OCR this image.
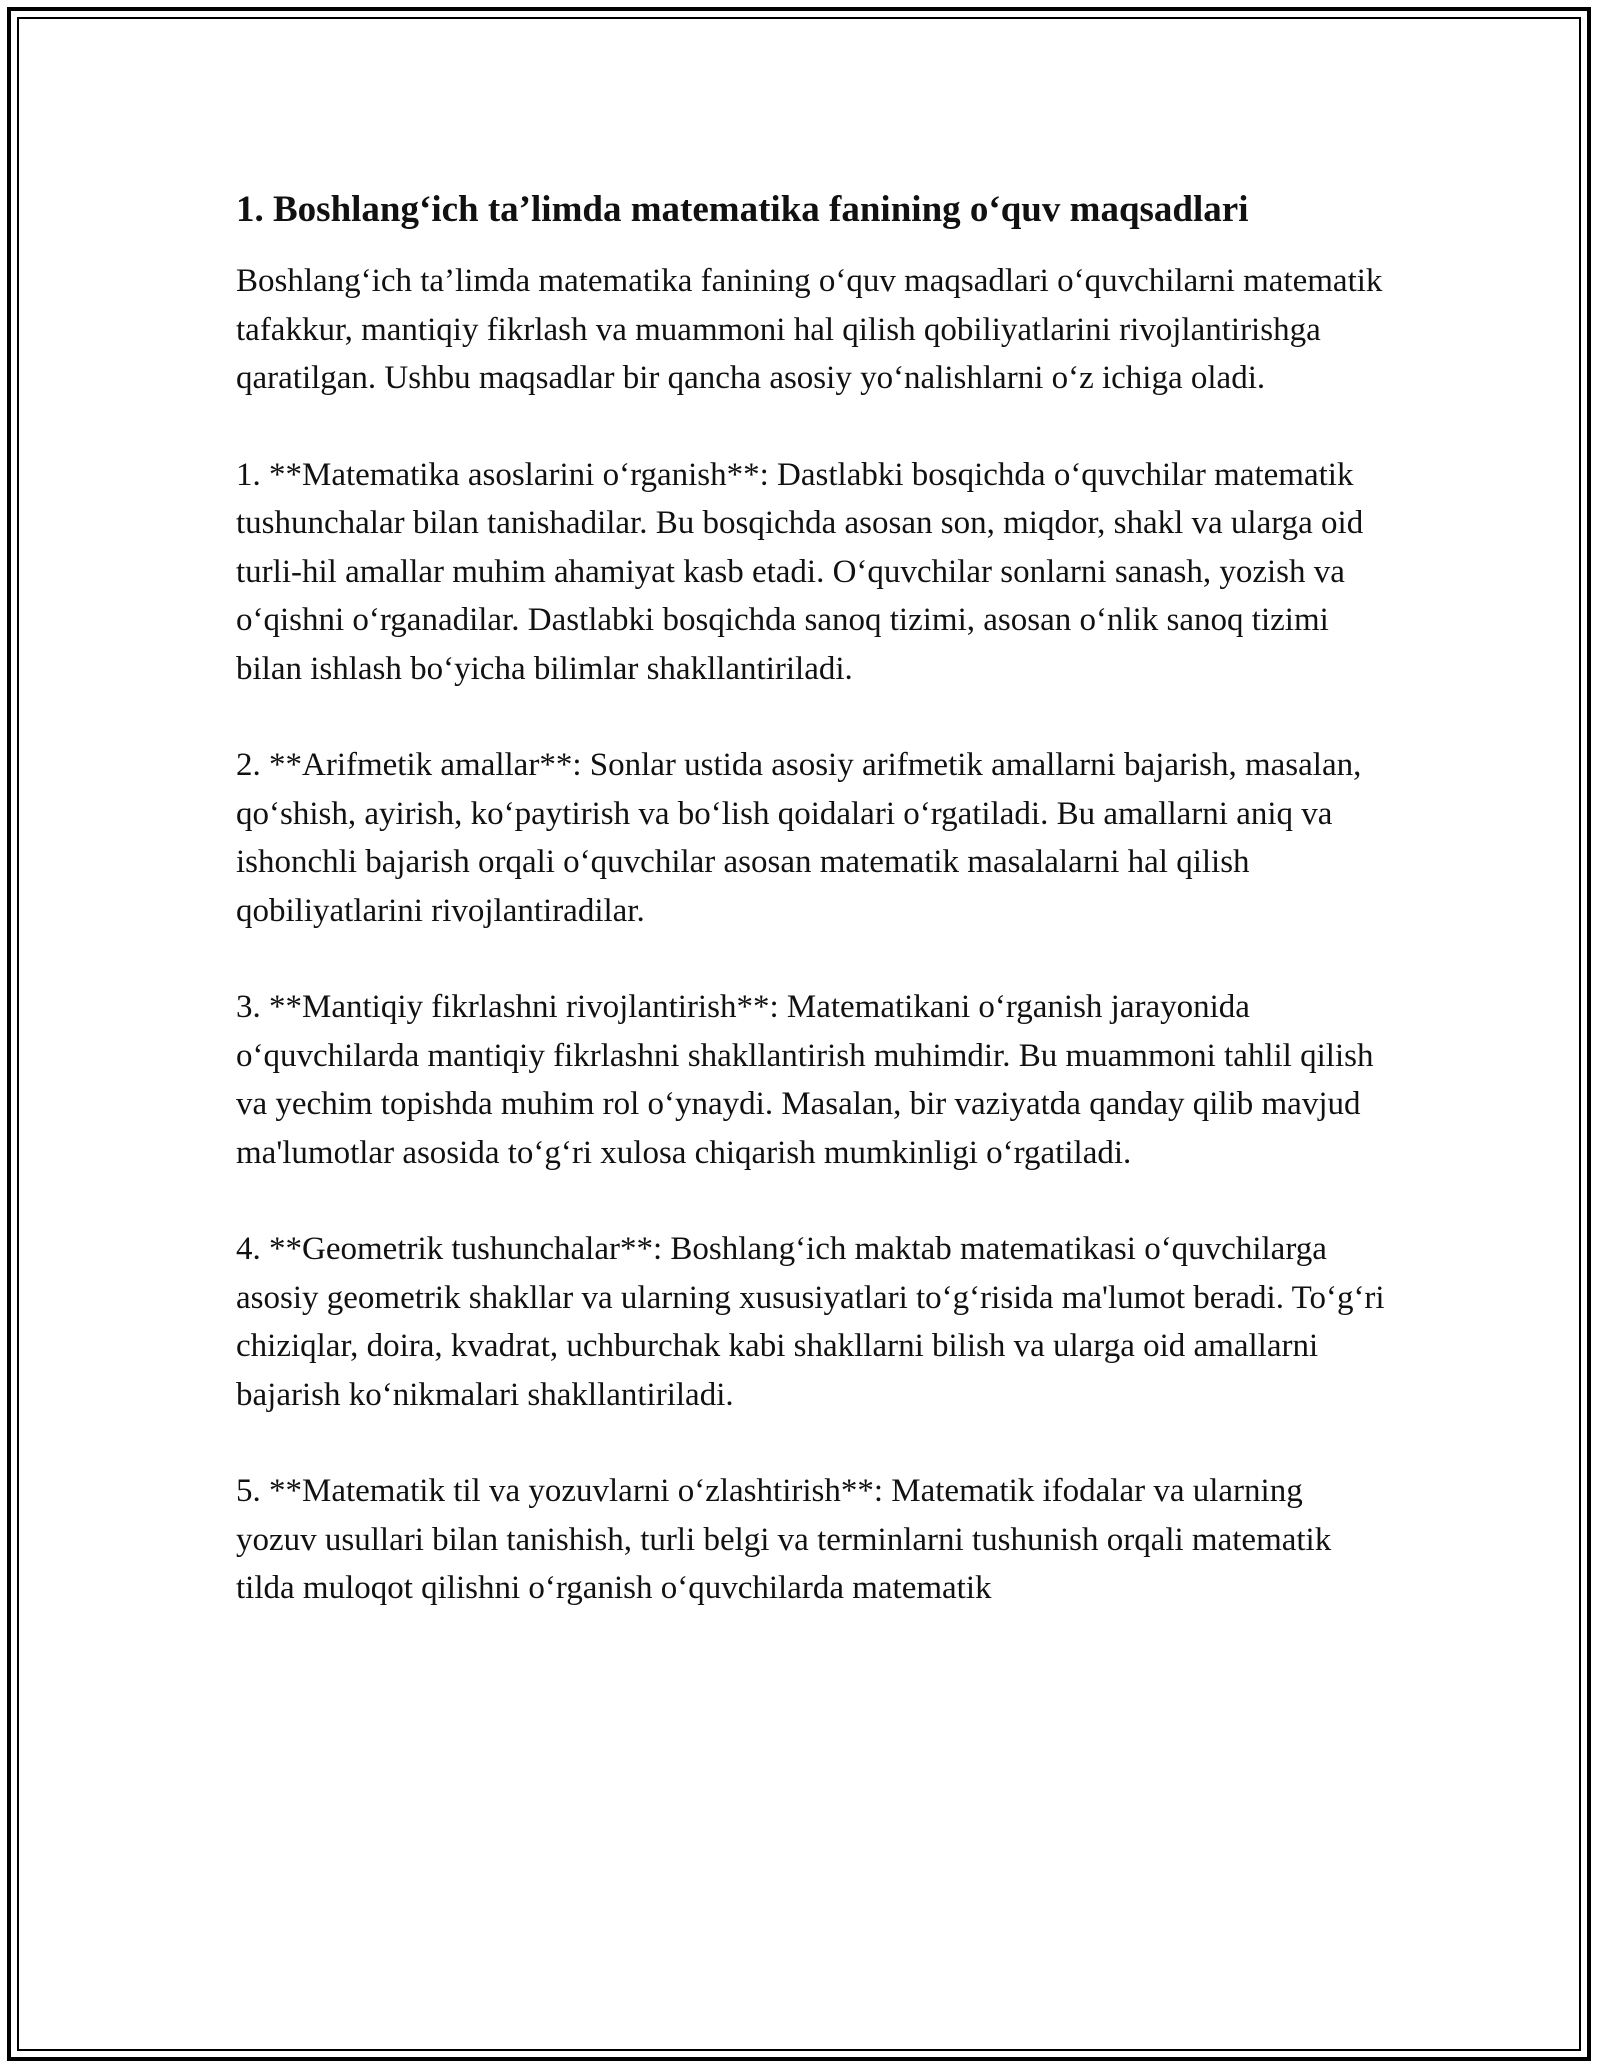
1. Boshlang‘ich ta’limda matematika fanining o‘quv maqsadlari

Boshlang‘ich ta’limda matematika fanining o‘quv maqsadlari o‘quvchilarni matematik tafakkur, mantiqiy fikrlash va muammoni hal qilish qobiliyatlarini rivojlantirishga qaratilgan. Ushbu maqsadlar bir qancha asosiy yo‘nalishlarni o‘z ichiga oladi.

1. **Matematika asoslarini o‘rganish**: Dastlabki bosqichda o‘quvchilar matematik tushunchalar bilan tanishadilar. Bu bosqichda asosan son, miqdor, shakl va ularga oid turli-hil amallar muhim ahamiyat kasb etadi. O‘quvchilar sonlarni sanash, yozish va o‘qishni o‘rganadilar. Dastlabki bosqichda sanoq tizimi, asosan o‘nlik sanoq tizimi bilan ishlash bo‘yicha bilimlar shakllantiriladi.

2. **Arifmetik amallar**: Sonlar ustida asosiy arifmetik amallarni bajarish, masalan, qo‘shish, ayirish, ko‘paytirish va bo‘lish qoidalari o‘rgatiladi. Bu amallarni aniq va ishonchli bajarish orqali o‘quvchilar asosan matematik masalalarni hal qilish qobiliyatlarini rivojlantiradilar.

3. **Mantiqiy fikrlashni rivojlantirish**: Matematikani o‘rganish jarayonida o‘quvchilarda mantiqiy fikrlashni shakllantirish muhimdir. Bu muammoni tahlil qilish va yechim topishda muhim rol o‘ynaydi. Masalan, bir vaziyatda qanday qilib mavjud ma'lumotlar asosida to‘g‘ri xulosa chiqarish mumkinligi o‘rgatiladi.

4. **Geometrik tushunchalar**: Boshlang‘ich maktab matematikasi o‘quvchilarga asosiy geometrik shakllar va ularning xususiyatlari to‘g‘risida ma'lumot beradi. To‘g‘ri chiziqlar, doira, kvadrat, uchburchak kabi shakllarni bilish va ularga oid amallarni bajarish ko‘nikmalari shakllantiriladi.

5. **Matematik til va yozuvlarni o‘zlashtirish**: Matematik ifodalar va ularning yozuv usullari bilan tanishish, turli belgi va terminlarni tushunish orqali matematik tilda muloqot qilishni o‘rganish o‘quvchilarda matematik
